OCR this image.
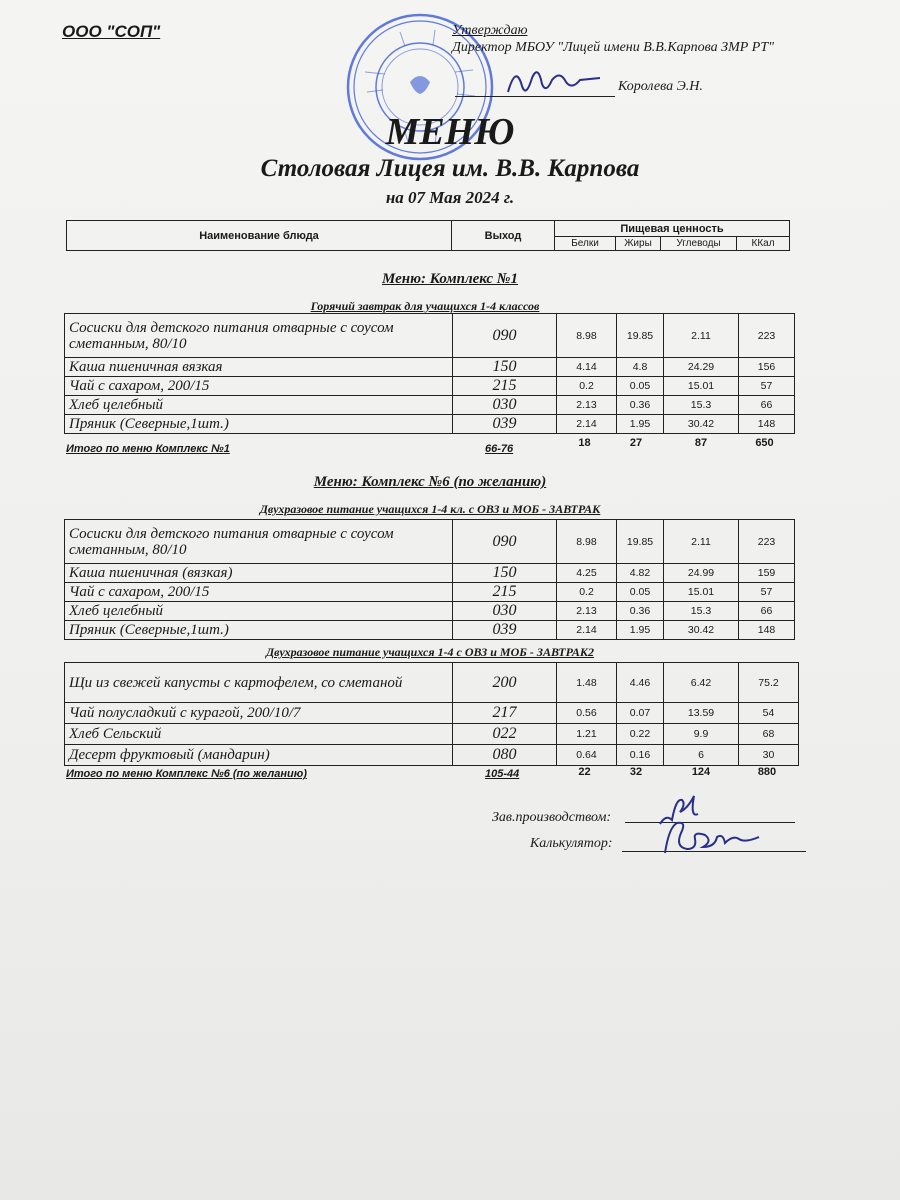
ООО "СОП"	Утверждаю
Директор МБОУ "Лицей имени В.В.Карпова ЗМР РТ"
Королева Э.Н.
МЕНЮ
Столовая Лицея им. В.В. Карпова
на 07 Мая 2024 г.
Наименование блюда	Выход	Пищевая ценность			
		Белки	Жиры	Углеводы	ККал
Меню: Комплекс №1
Горячий завтрак для учащихся 1-4 классов
Сосиски для детского питания отварные с соусом сметанным, 80/10	090	8.98	19.85	2.11	223
Каша пшеничная вязкая	150	4.14	4.8	24.29	156
Чай с сахаром, 200/15	215	0.2	0.05	15.01	57
Хлеб целебный	030	2.13	0.36	15.3	66
Пряник (Северные,1шт.)	039	2.14	1.95	30.42	148
Итого по меню Комплекс №1	66-76	18	27	87	650
Меню: Комплекс №6 (по желанию)
Двухразовое питание учащихся 1-4 кл. с ОВЗ и МОБ - ЗАВТРАК
Сосиски для детского питания отварные с соусом сметанным, 80/10	090	8.98	19.85	2.11	223
Каша пшеничная (вязкая)	150	4.25	4.82	24.99	159
Чай с сахаром, 200/15	215	0.2	0.05	15.01	57
Хлеб целебный	030	2.13	0.36	15.3	66
Пряник (Северные,1шт.)	039	2.14	1.95	30.42	148
Двухразовое питание учащихся 1-4 с ОВЗ и МОБ - ЗАВТРАК2
Щи из свежей капусты с картофелем, со сметаной	200	1.48	4.46	6.42	75.2
Чай полусладкий с курагой, 200/10/7	217	0.56	0.07	13.59	54
Хлеб Сельский	022	1.21	0.22	9.9	68
Десерт фруктовый (мандарин)	080	0.64	0.16	6	30
Итого по меню Комплекс №6 (по желанию)	105-44	22	32	124	880
Зав.производством:
Калькулятор:
